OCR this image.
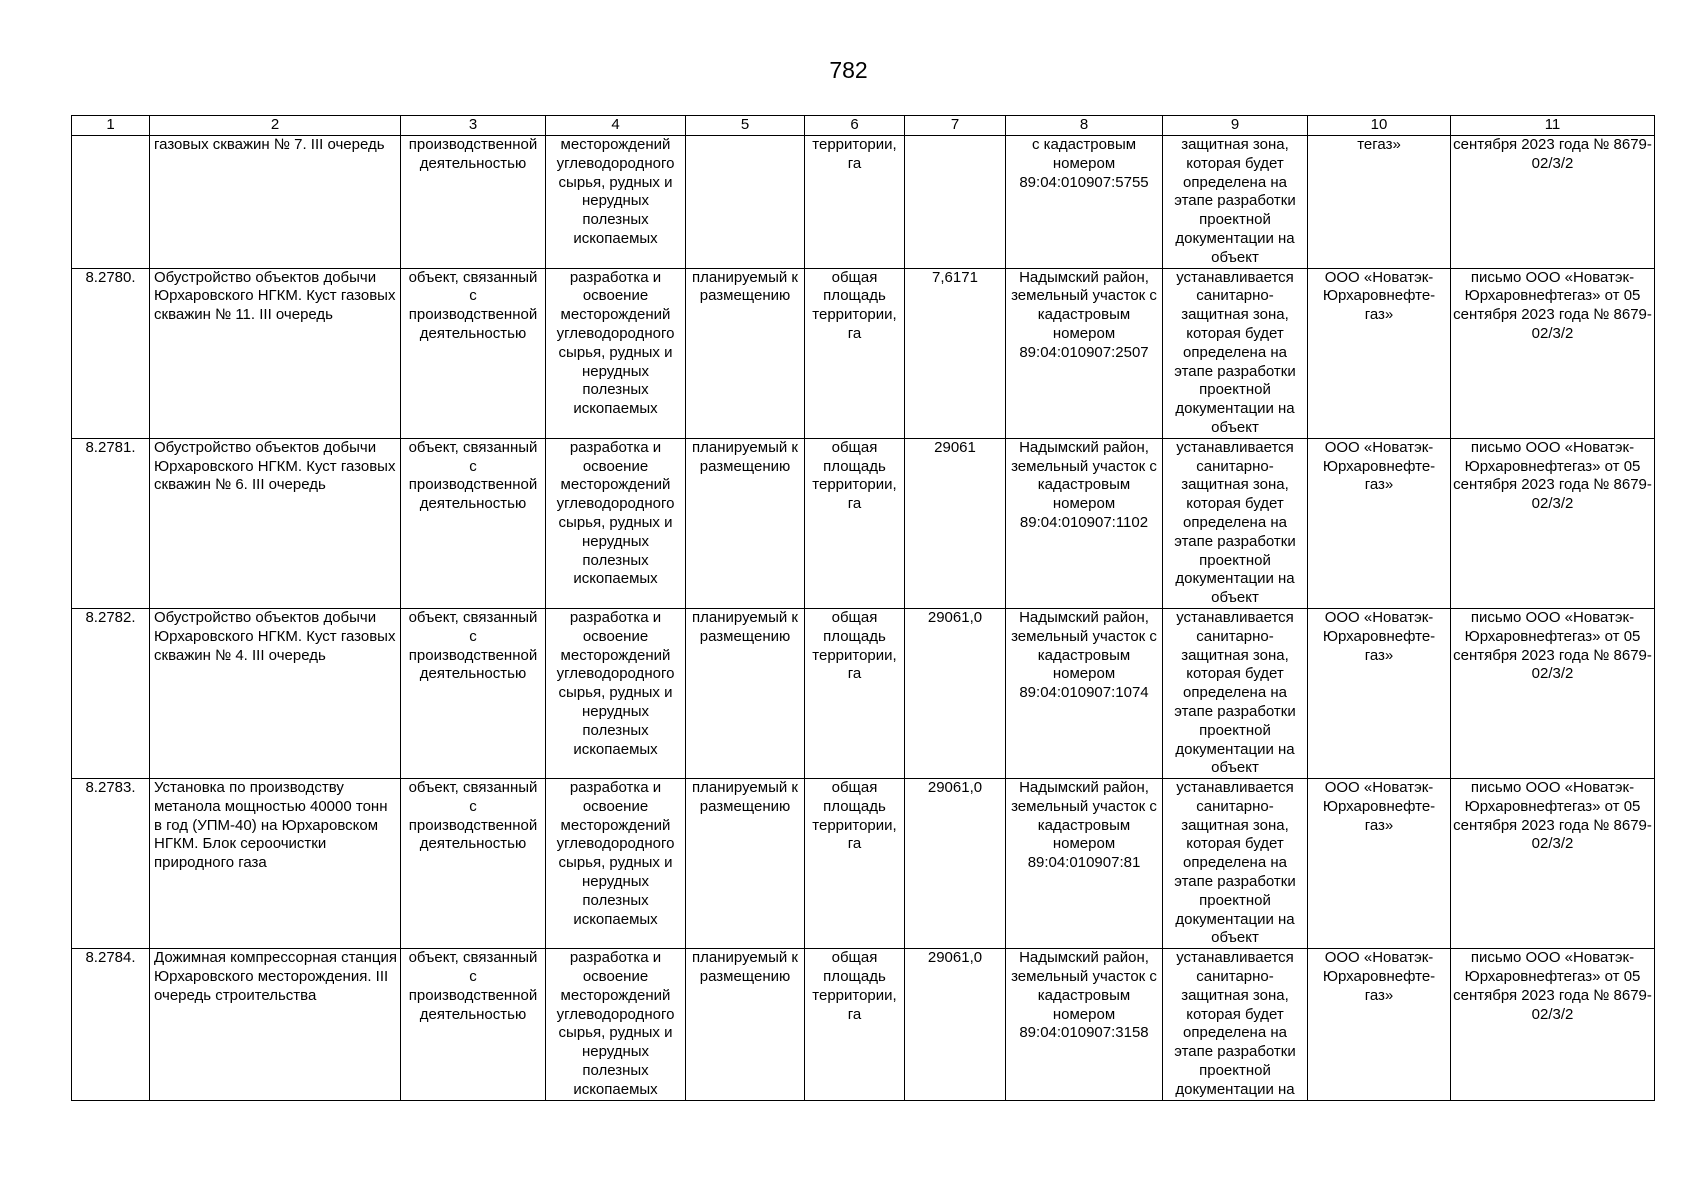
782
1	2	3	4	5	6	7	8	9	10	11
	газовых скважин № 7. III очередь	производственной деятельностью	месторождений углеводородного сырья, рудных и нерудных полезных ископаемых		территории, га		с кадастровым номером 89:04:010907:5755	защитная зона, которая будет определена на этапе разработки проектной документации на объект	тегаз»	сентября 2023 года № 8679-02/3/2
8.2780.	Обустройство объектов добычи Юрхаровского НГКМ. Куст газовых скважин № 11. III очередь	объект, связанный с производственной деятельностью	разработка и освоение месторождений углеводородного сырья, рудных и нерудных полезных ископаемых	планируемый к размещению	общая площадь территории, га	7,6171	Надымский район, земельный участок с кадастровым номером 89:04:010907:2507	устанавливается санитарно-защитная зона, которая будет определена на этапе разработки проектной документации на объект	ООО «Новатэк-Юрхаровнефте-газ»	письмо ООО «Новатэк-Юрхаровнефтегаз» от 05 сентября 2023 года № 8679-02/3/2
8.2781.	Обустройство объектов добычи Юрхаровского НГКМ. Куст газовых скважин № 6. III очередь	объект, связанный с производственной деятельностью	разработка и освоение месторождений углеводородного сырья, рудных и нерудных полезных ископаемых	планируемый к размещению	общая площадь территории, га	29061	Надымский район, земельный участок с кадастровым номером 89:04:010907:1102	устанавливается санитарно-защитная зона, которая будет определена на этапе разработки проектной документации на объект	ООО «Новатэк-Юрхаровнефте-газ»	письмо ООО «Новатэк-Юрхаровнефтегаз» от 05 сентября 2023 года № 8679-02/3/2
8.2782.	Обустройство объектов добычи Юрхаровского НГКМ. Куст газовых скважин № 4. III очередь	объект, связанный с производственной деятельностью	разработка и освоение месторождений углеводородного сырья, рудных и нерудных полезных ископаемых	планируемый к размещению	общая площадь территории, га	29061,0	Надымский район, земельный участок с кадастровым номером 89:04:010907:1074	устанавливается санитарно-защитная зона, которая будет определена на этапе разработки проектной документации на объект	ООО «Новатэк-Юрхаровнефте-газ»	письмо ООО «Новатэк-Юрхаровнефтегаз» от 05 сентября 2023 года № 8679-02/3/2
8.2783.	Установка по производству метанола мощностью 40000 тонн в год (УПМ-40) на Юрхаровском НГКМ. Блок сероочистки природного газа	объект, связанный с производственной деятельностью	разработка и освоение месторождений углеводородного сырья, рудных и нерудных полезных ископаемых	планируемый к размещению	общая площадь территории, га	29061,0	Надымский район, земельный участок с кадастровым номером 89:04:010907:81	устанавливается санитарно-защитная зона, которая будет определена на этапе разработки проектной документации на объект	ООО «Новатэк-Юрхаровнефте-газ»	письмо ООО «Новатэк-Юрхаровнефтегаз» от 05 сентября 2023 года № 8679-02/3/2
8.2784.	Дожимная компрессорная станция Юрхаровского месторождения. III очередь строительства	объект, связанный с производственной деятельностью	разработка и освоение месторождений углеводородного сырья, рудных и нерудных полезных ископаемых	планируемый к размещению	общая площадь территории, га	29061,0	Надымский район, земельный участок с кадастровым номером 89:04:010907:3158	устанавливается санитарно-защитная зона, которая будет определена на этапе разработки проектной документации на	ООО «Новатэк-Юрхаровнефте-газ»	письмо ООО «Новатэк-Юрхаровнефтегаз» от 05 сентября 2023 года № 8679-02/3/2
